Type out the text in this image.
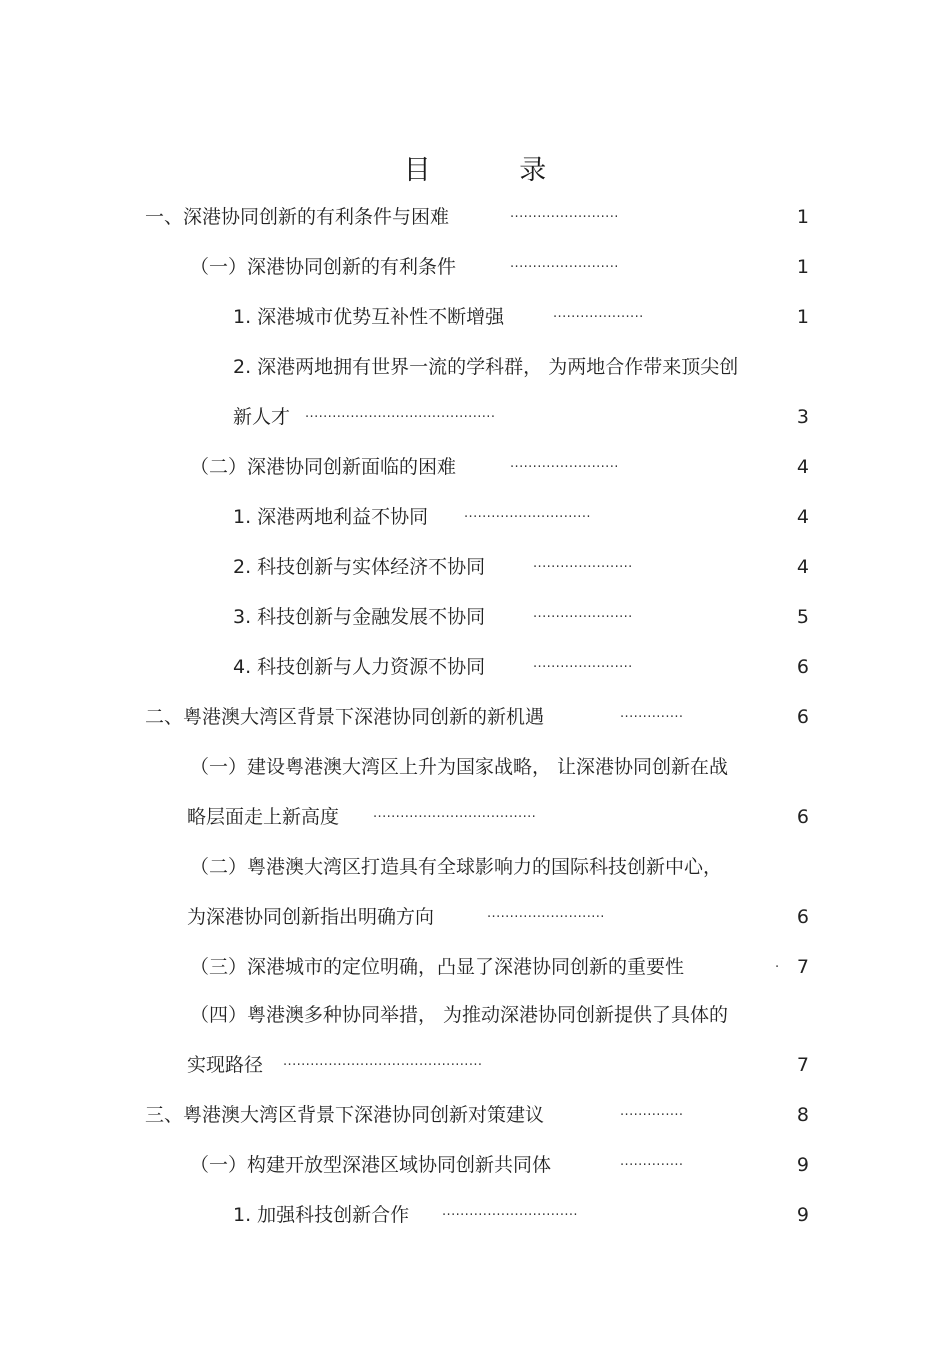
目 录
一、深港协同创新的有利条件与困难	........................	1
（一）深港协同创新的有利条件	........................	1
1. 深港城市优势互补性不断增强	....................	1
2. 深港两地拥有世界一流的学科群， 为两地合作带来顶尖创
新人才 ..........................................	3
（二）深港协同创新面临的困难	........................	4
1. 深港两地利益不协同	............................	4
2. 科技创新与实体经济不协同	......................	4
3. 科技创新与金融发展不协同	......................	5
4. 科技创新与人力资源不协同	......................	6
二、粤港澳大湾区背景下深港协同创新的新机遇	..............	6
（一）建设粤港澳大湾区上升为国家战略， 让深港协同创新在战
略层面走上新高度	....................................	6
（二）粤港澳大湾区打造具有全球影响力的国际科技创新中心，
为深港协同创新指出明确方向	..........................	6
（三）深港城市的定位明确，凸显了深港协同创新的重要性	. 7
（四）粤港澳多种协同举措， 为推动深港协同创新提供了具体的
实现路径 ............................................	7
三、粤港澳大湾区背景下深港协同创新对策建议	..............	8
（一）构建开放型深港区域协同创新共同体	..............	9
1. 加强科技创新合作	..............................	9
